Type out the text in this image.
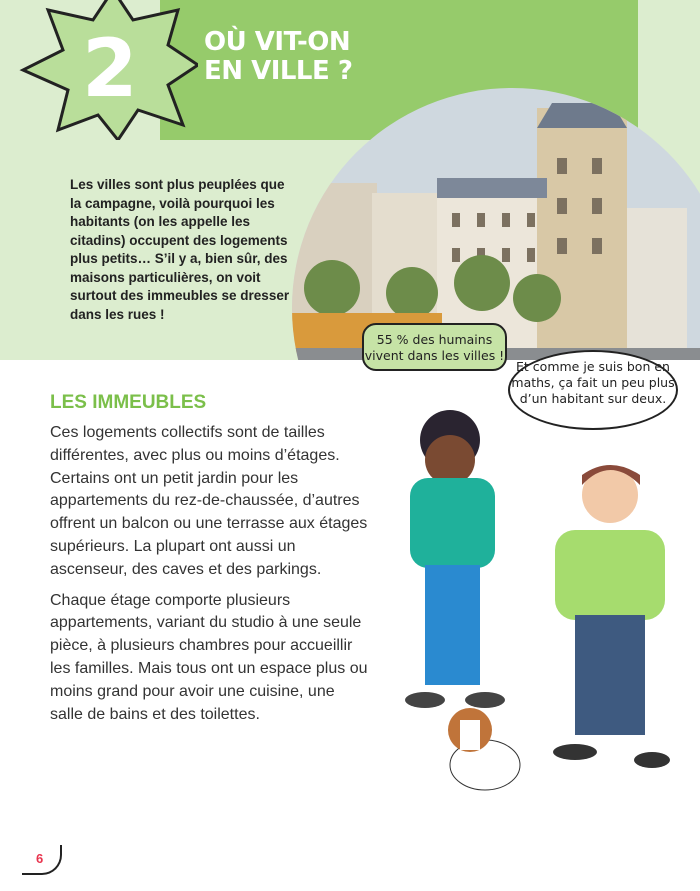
2	OÙ VIT-ON
EN VILLE ?
Les villes sont plus peuplées que la campagne, voilà pourquoi les habitants (on les appelle les citadins) occupent des logements plus petits… S’il y a, bien sûr, des maisons particulières, on voit surtout des immeubles se dresser dans les rues !
55 % des humains vivent dans les villes !
Et comme je suis bon en maths, ça fait un peu plus d’un habitant sur deux.
LES IMMEUBLES

Ces logements collectifs sont de tailles différentes, avec plus ou moins d’étages. Certains ont un petit jardin pour les appartements du rez-de-chaussée, d’autres offrent un balcon ou une terrasse aux étages supérieurs. La plupart ont aussi un ascenseur, des caves et des parkings.

Chaque étage comporte plusieurs appartements, variant du studio à une seule pièce, à plusieurs chambres pour accueillir les familles. Mais tous ont un espace plus ou moins grand pour avoir une cuisine, une salle de bains et des toilettes.

6
